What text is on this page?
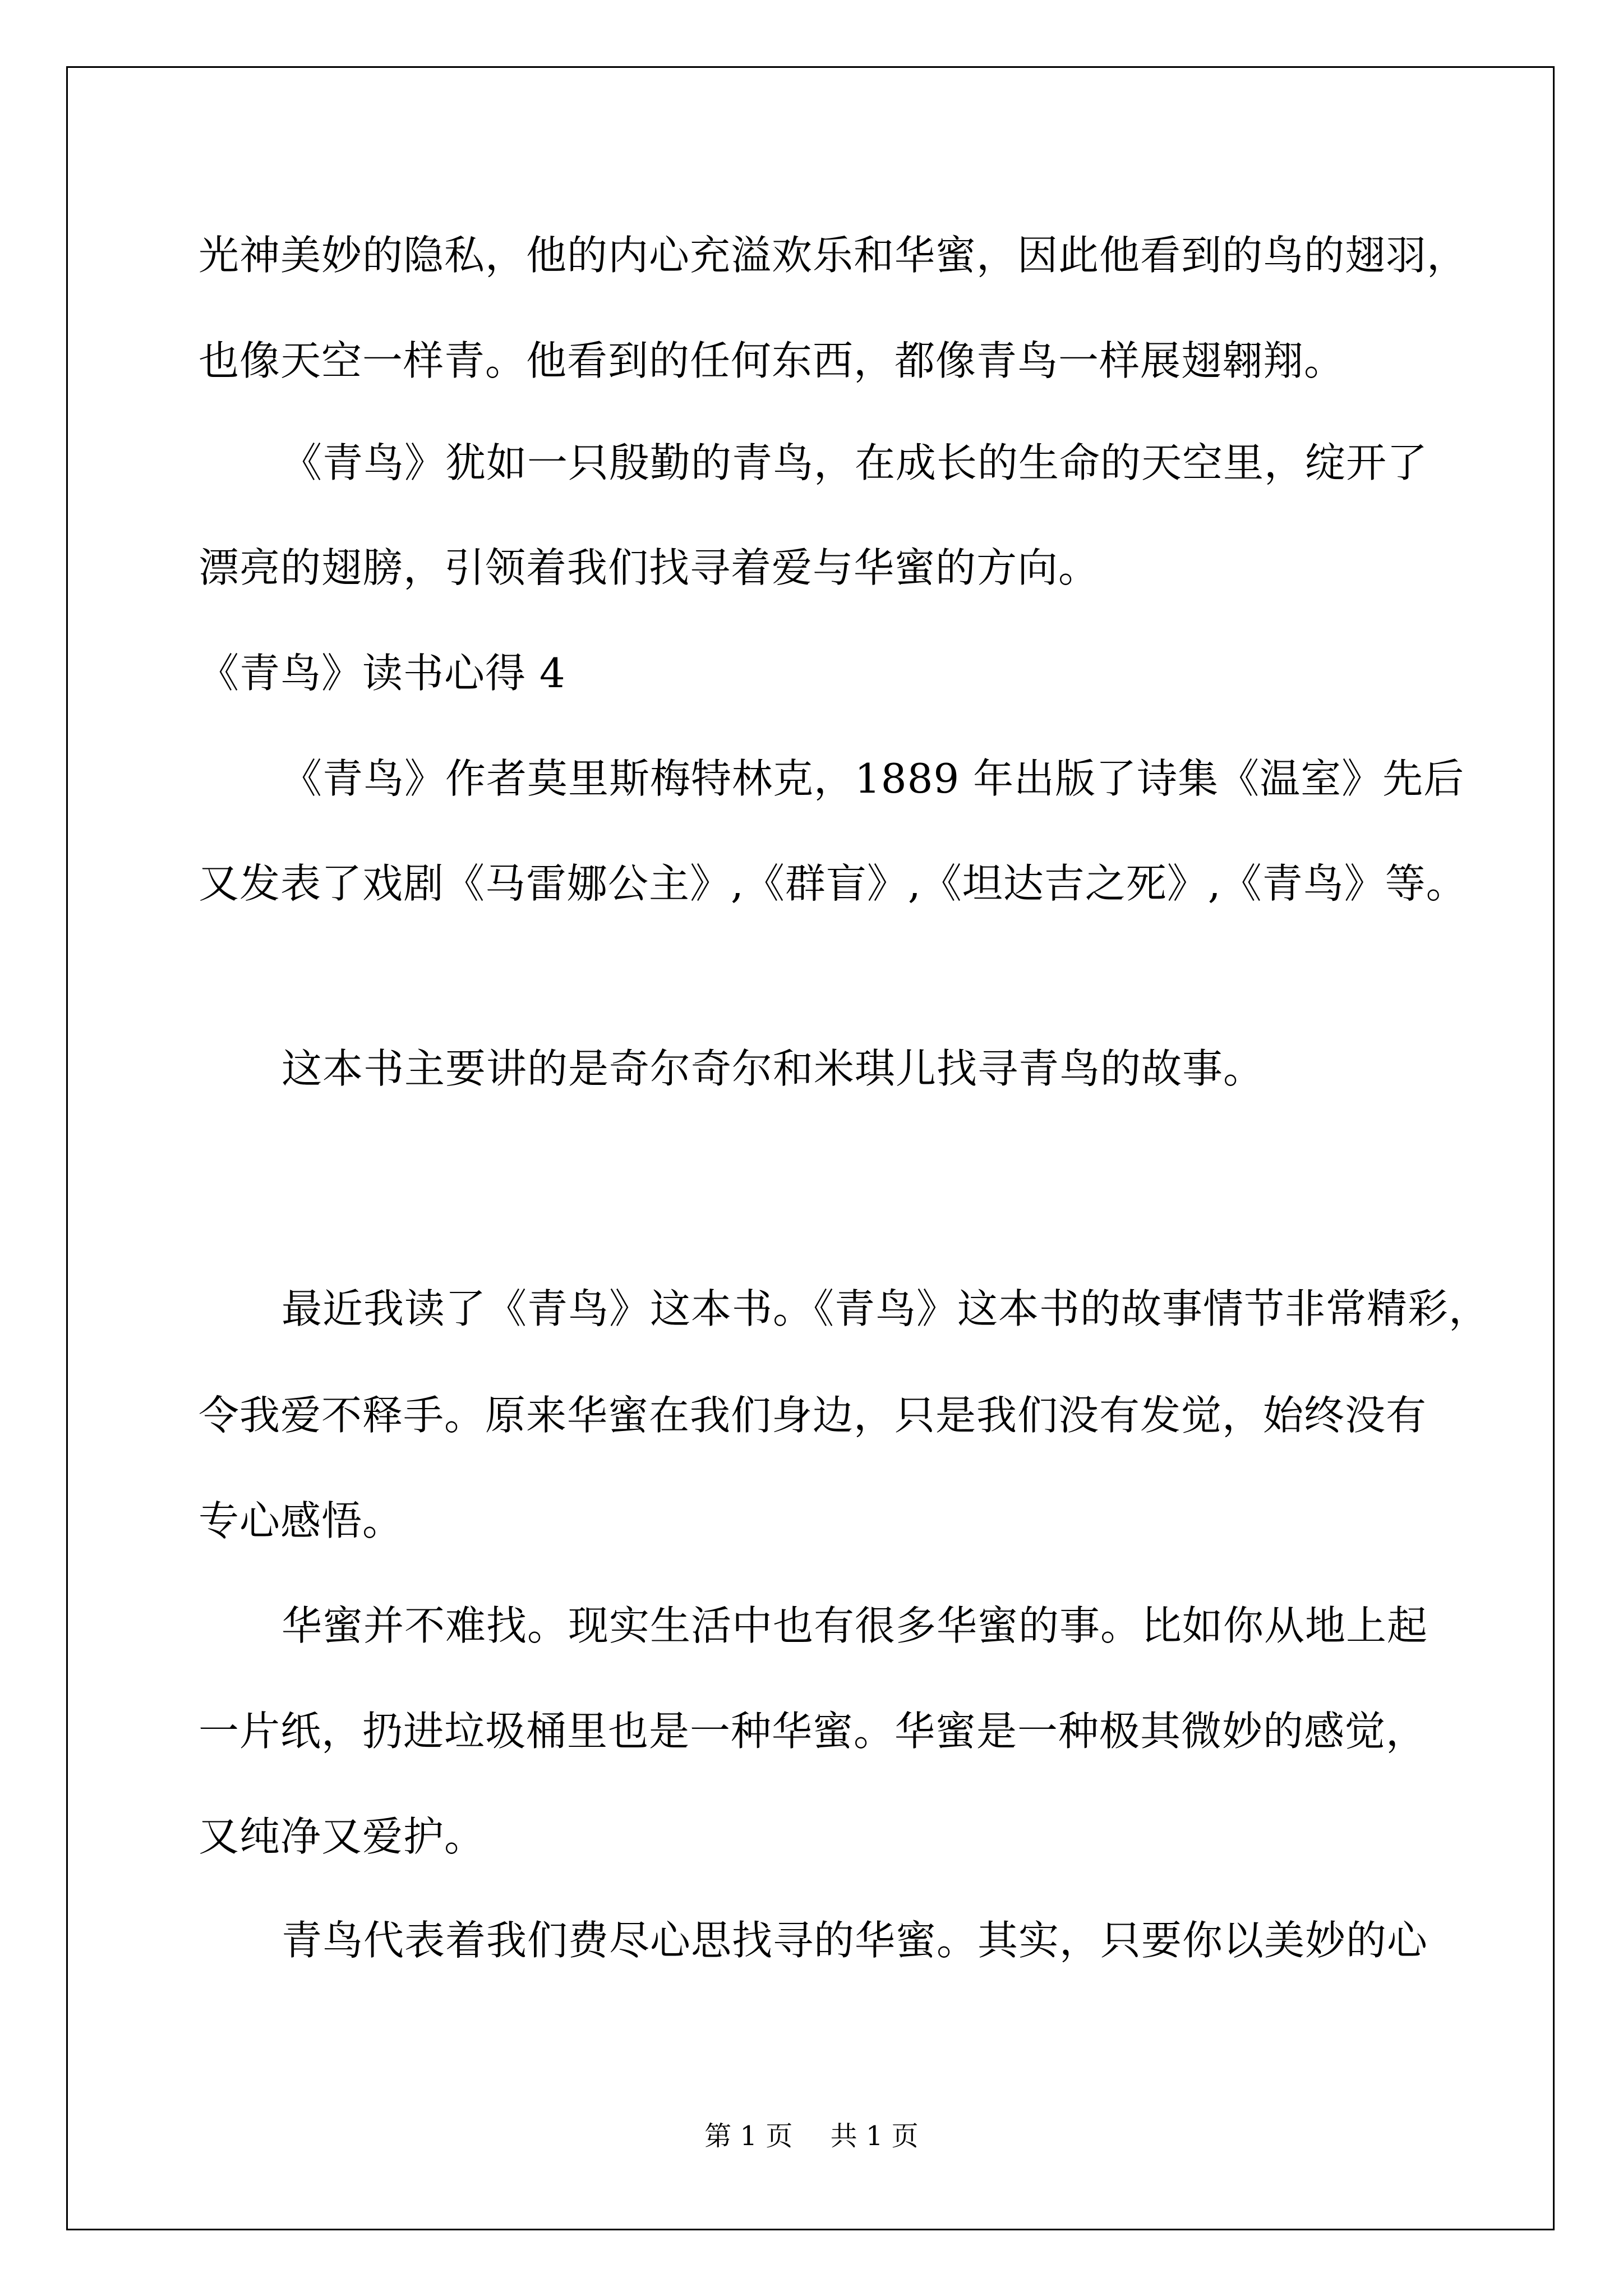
光神美妙的隐私，他的内心充溢欢乐和华蜜，因此他看到的鸟的翅羽，
也像天空一样青。他看到的任何东西，都像青鸟一样展翅翱翔。
《青鸟》犹如一只殷勤的青鸟，在成长的生命的天空里，绽开了
漂亮的翅膀，引领着我们找寻着爱与华蜜的方向。
《青鸟》读书心得 4
《青鸟》作者莫里斯梅特林克，1889 年出版了诗集《温室》先后
又发表了戏剧《马雷娜公主》,《群盲》,《坦达吉之死》,《青鸟》等。
这本书主要讲的是奇尔奇尔和米琪儿找寻青鸟的故事。
最近我读了《青鸟》这本书。《青鸟》这本书的故事情节非常精彩，
令我爱不释手。原来华蜜在我们身边，只是我们没有发觉，始终没有
专心感悟。
华蜜并不难找。现实生活中也有很多华蜜的事。比如你从地上起
一片纸，扔进垃圾桶里也是一种华蜜。华蜜是一种极其微妙的感觉，
又纯净又爱护。
青鸟代表着我们费尽心思找寻的华蜜。其实，只要你以美妙的心
第 1 页 共 1 页
